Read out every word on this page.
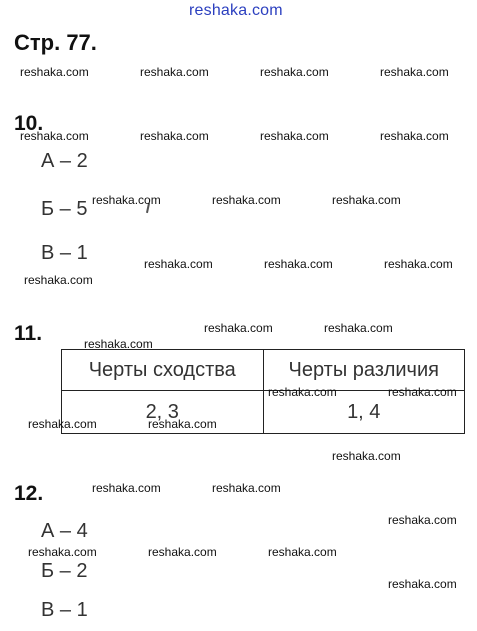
reshaka.com
Стр. 77.
reshaka.com	reshaka.com	reshaka.com	reshaka.com
10.
reshaka.com	reshaka.com	reshaka.com	reshaka.com
А – 2
Б – 5 reshaka.com	reshaka.com	reshaka.com
В – 1	reshaka.com	reshaka.com	reshaka.com
reshaka.com
11.	reshaka.com	reshaka.com
reshaka.com
Черты сходства	Черты различия
2, 3	1, 4
reshaka.com	reshaka.com
reshaka.com	reshaka.com
reshaka.com
12.	reshaka.com	reshaka.com
reshaka.com
А – 4
reshaka.com	reshaka.com	reshaka.com
Б – 2
reshaka.com
В – 1
